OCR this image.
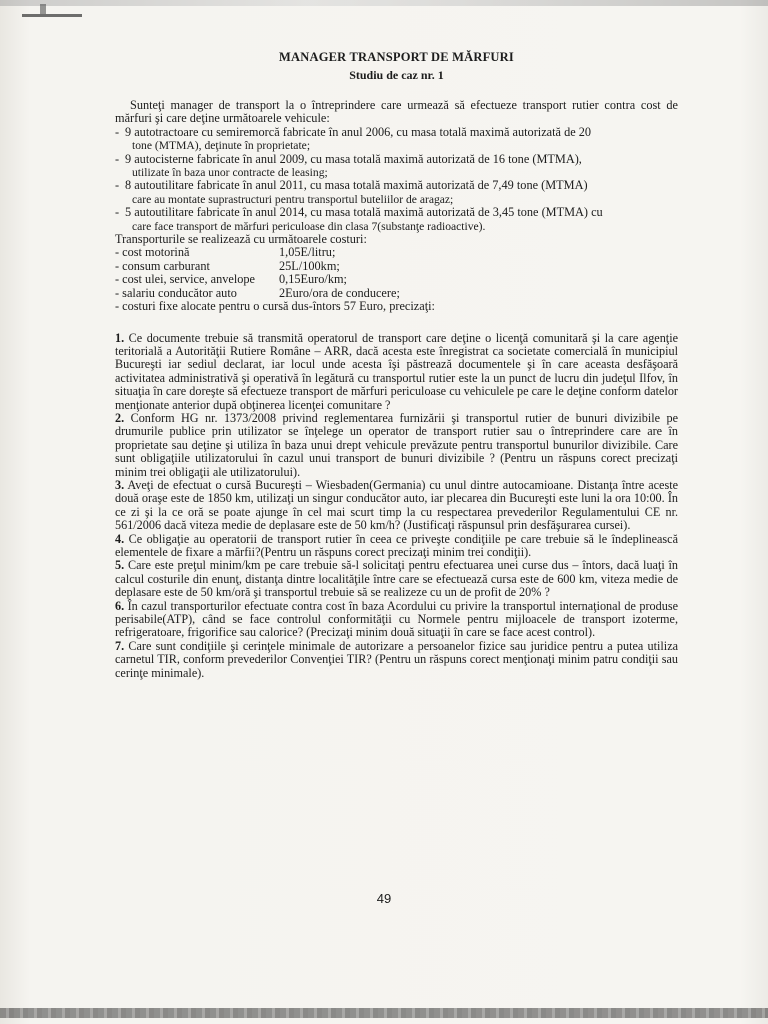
MANAGER TRANSPORT DE MĂRFURI
Studiu de caz nr. 1

Sunteţi manager de transport la o întreprindere care urmează să efectueze transport rutier contra cost de mărfuri şi care deţine următoarele vehicule:

- 9 autotractoare cu semiremorcă fabricate în anul 2006, cu masa totală maximă autorizată de 20
tone (MTMA), deţinute în proprietate;
- 9 autocisterne fabricate în anul 2009, cu masa totală maximă autorizată de 16 tone (MTMA),
utilizate în baza unor contracte de leasing;
- 8 autoutilitare fabricate în anul 2011, cu masa totală maximă autorizată de 7,49 tone (MTMA)
care au montate suprastructuri pentru transportul buteliilor de aragaz;
- 5 autoutilitare fabricate în anul 2014, cu masa totală maximă autorizată de 3,45 tone (MTMA) cu
care face transport de mărfuri periculoase din clasa 7(substanţe radioactive).

Transporturile se realizează cu următoarele costuri:

- cost motorină	1,05E/litru;
- consum carburant	25L/100km;
- cost ulei, service, anvelope	0,15Euro/km;
- salariu conducător auto	2Euro/ora de conducere;

- costuri fixe alocate pentru o cursă dus-întors 57 Euro, precizaţi:

1. Ce documente trebuie să transmită operatorul de transport care deţine o licenţă comunitară şi la care agenţie teritorială a Autorităţii Rutiere Române – ARR, dacă acesta este înregistrat ca societate comercială în municipiul Bucureşti iar sediul declarat, iar locul unde acesta îşi păstrează documentele şi în care aceasta desfăşoară activitatea administrativă şi operativă în legătură cu transportul rutier este la un punct de lucru din judeţul Ilfov, în situaţia în care doreşte să efectueze transport de mărfuri periculoase cu vehiculele pe care le deţine conform datelor menţionate anterior după obţinerea licenţei comunitare ?

2. Conform HG nr. 1373/2008 privind reglementarea furnizării şi transportul rutier de bunuri divizibile pe drumurile publice prin utilizator se înţelege un operator de transport rutier sau o întreprindere care are în proprietate sau deţine şi utiliza în baza unui drept vehicule prevăzute pentru transportul bunurilor divizibile. Care sunt obligaţiile utilizatorului în cazul unui transport de bunuri divizibile ? (Pentru un răspuns corect precizaţi minim trei obligaţii ale utilizatorului).

3. Aveţi de efectuat o cursă Bucureşti – Wiesbaden(Germania) cu unul dintre autocamioane. Distanţa între aceste două oraşe este de 1850 km, utilizaţi un singur conducător auto, iar plecarea din Bucureşti este luni la ora 10:00. În ce zi şi la ce oră se poate ajunge în cel mai scurt timp la cu respectarea prevederilor Regulamentului CE nr. 561/2006 dacă viteza medie de deplasare este de 50 km/h? (Justificaţi răspunsul prin desfăşurarea cursei).

4. Ce obligaţie au operatorii de transport rutier în ceea ce priveşte condiţiile pe care trebuie să le îndeplinească elementele de fixare a mărfii?(Pentru un răspuns corect precizaţi minim trei condiţii).

5. Care este preţul minim/km pe care trebuie să-l solicitaţi pentru efectuarea unei curse dus – întors, dacă luaţi în calcul costurile din enunţ, distanţa dintre localităţile între care se efectuează cursa este de 600 km, viteza medie de deplasare este de 50 km/oră şi transportul trebuie să se realizeze cu un de profit de 20% ?

6. În cazul transporturilor efectuate contra cost în baza Acordului cu privire la transportul internaţional de produse perisabile(ATP), când se face controlul conformităţii cu Normele pentru mijloacele de transport izoterme, refrigeratoare, frigorifice sau calorice? (Precizaţi minim două situaţii în care se face acest control).

7. Care sunt condiţiile şi cerinţele minimale de autorizare a persoanelor fizice sau juridice pentru a putea utiliza carnetul TIR, conform prevederilor Convenţiei TIR? (Pentru un răspuns corect menţionaţi minim patru condiţii sau cerinţe minimale).

49
